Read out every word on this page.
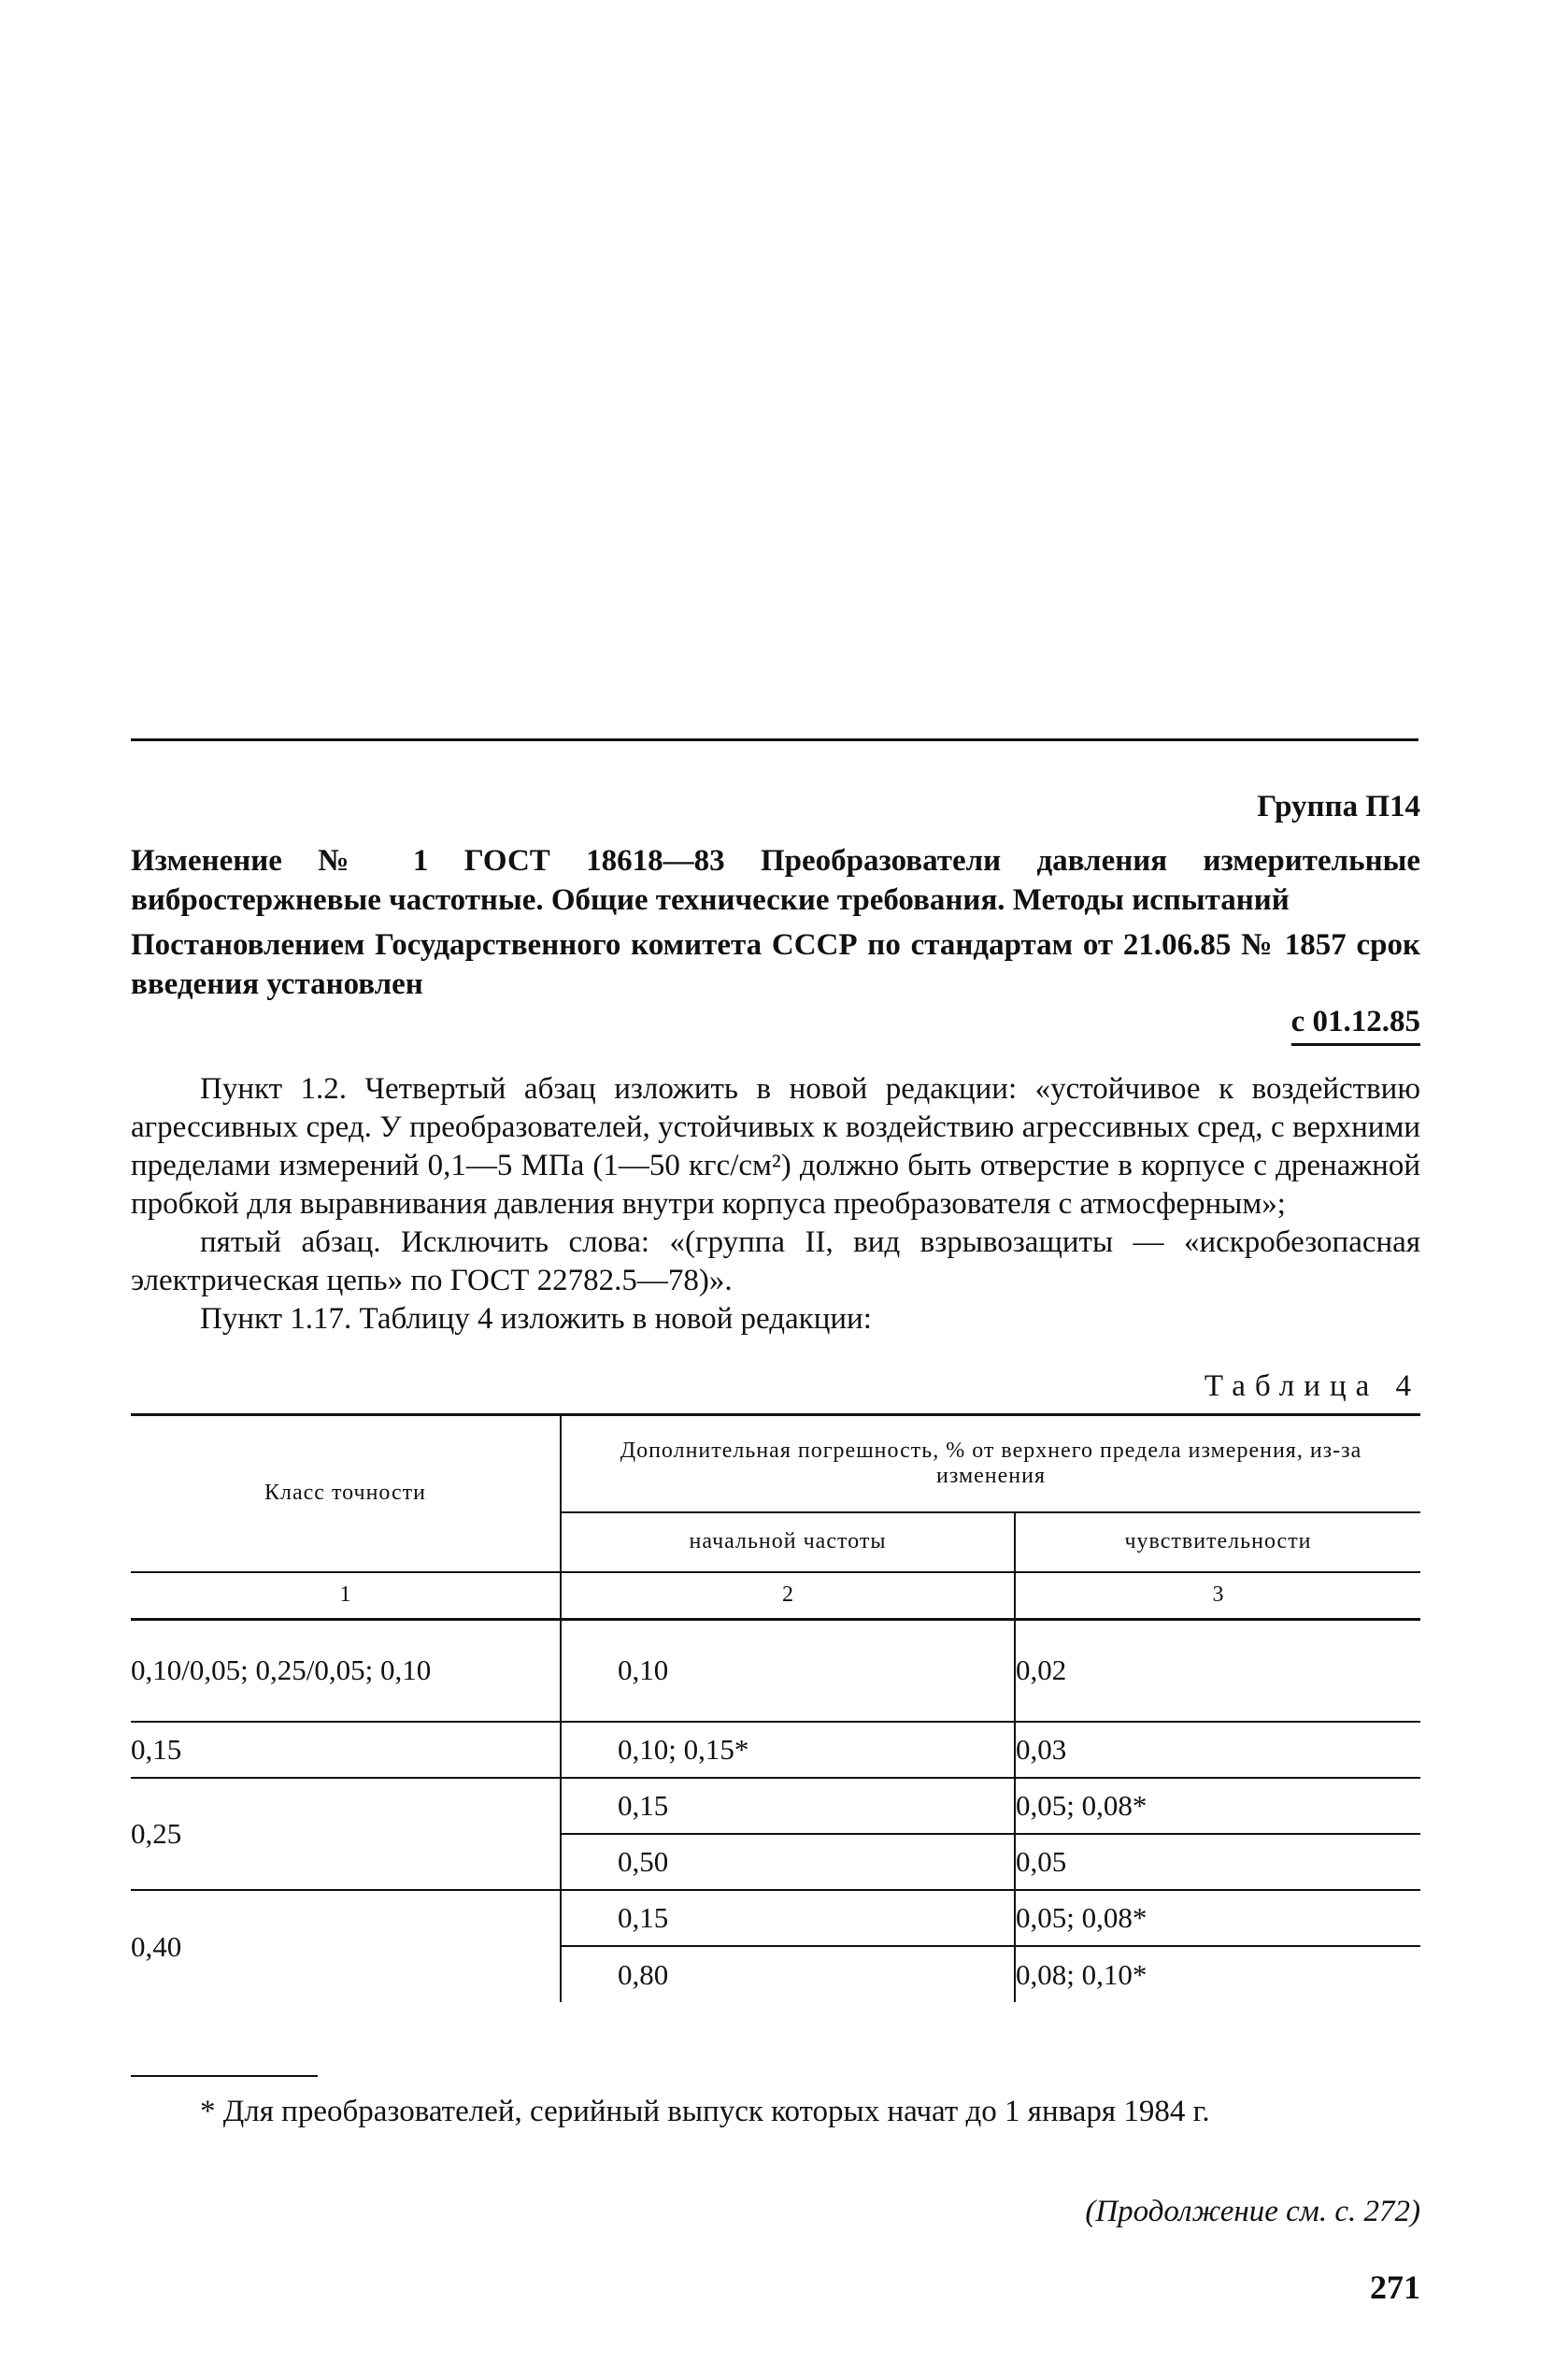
Группа П14
Изменение № 1 ГОСТ 18618—83 Преобразователи давления измерительные виброcтержневые частотные. Общие технические требования. Методы испытаний
Постановлением Государственного комитета СССР по стандартам от 21.06.85 № 1857 срок введения установлен
с 01.12.85

Пункт 1.2. Четвертый абзац изложить в новой редакции: «устойчивое к воздействию агрессивных сред. У преобразователей, устойчивых к воздействию агрессивных сред, с верхними пределами измерений 0,1—5 МПа (1—50 кгс/см²) должно быть отверстие в корпусе с дренажной пробкой для выравнивания давления внутри корпуса преобразователя с атмосферным»;

пятый абзац. Исключить слова: «(группа II, вид взрывозащиты — «искробезопасная электрическая цепь» по ГОСТ 22782.5—78)».

Пункт 1.17. Таблицу 4 изложить в новой редакции:

Таблица 4
Класс точности	Дополнительная погрешность, % от верхнего предела измерения, из-за изменения	
	начальной частоты	чувствительности
1	2	3
0,10/0,05; 0,25/0,05; 0,10	0,10	0,02
0,15	0,10; 0,15*	0,03
0,25	0,15	0,05; 0,08*
	0,50	0,05
0,40	0,15	0,05; 0,08*
	0,80	0,08; 0,10*
* Для преобразователей, серийный выпуск которых начат до 1 января 1984 г.
(Продолжение см. с. 272)
271
